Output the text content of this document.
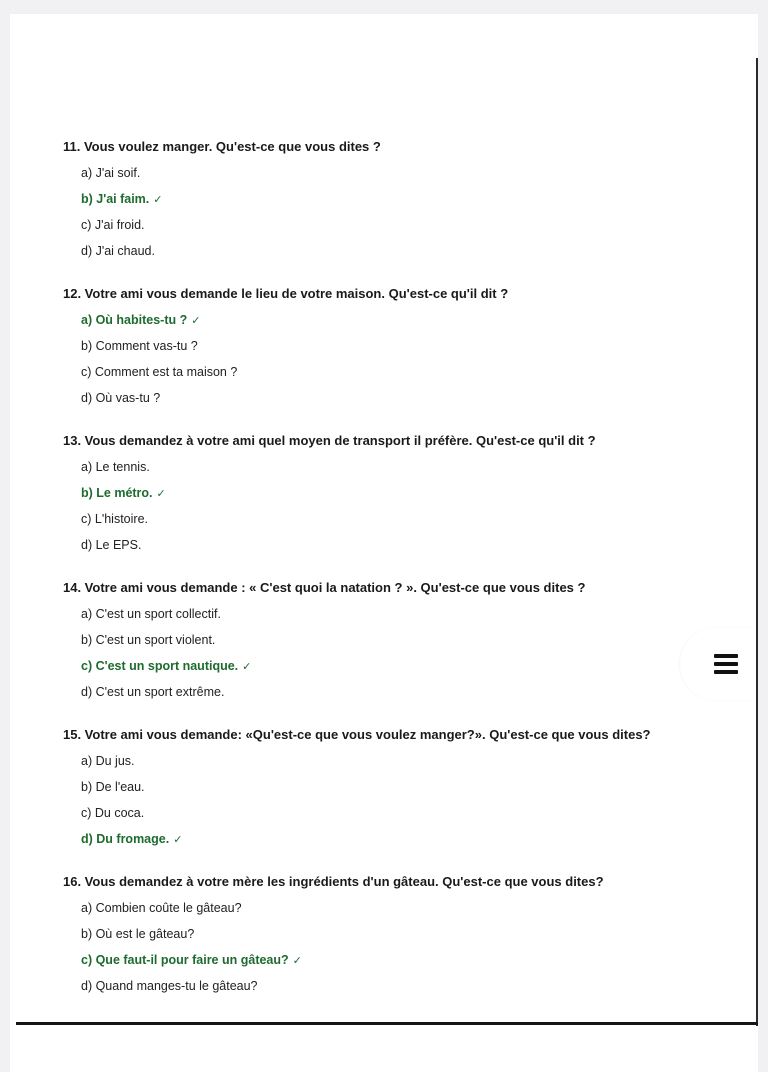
11. Vous voulez manger. Qu'est-ce que vous dites ?
a) J'ai soif.
b) J'ai faim. ✓
c) J'ai froid.
d) J'ai chaud.
12. Votre ami vous demande le lieu de votre maison. Qu'est-ce qu'il dit ?
a) Où habites-tu ? ✓
b) Comment vas-tu ?
c) Comment est ta maison ?
d) Où vas-tu ?
13. Vous demandez à votre ami quel moyen de transport il préfère. Qu'est-ce qu'il dit ?
a) Le tennis.
b) Le métro. ✓
c) L'histoire.
d) Le EPS.
14. Votre ami vous demande : « C'est quoi la natation ? ». Qu'est-ce que vous dites ?
a) C'est un sport collectif.
b) C'est un sport violent.
c) C'est un sport nautique. ✓
d) C'est un sport extrême.
15. Votre ami vous demande: «Qu'est-ce que vous voulez manger?». Qu'est-ce que vous dites?
a) Du jus.
b) De l'eau.
c) Du coca.
d) Du fromage. ✓
16. Vous demandez à votre mère les ingrédients d'un gâteau. Qu'est-ce que vous dites?
a) Combien coûte le gâteau?
b) Où est le gâteau?
c) Que faut-il pour faire un gâteau? ✓
d) Quand manges-tu le gâteau?
